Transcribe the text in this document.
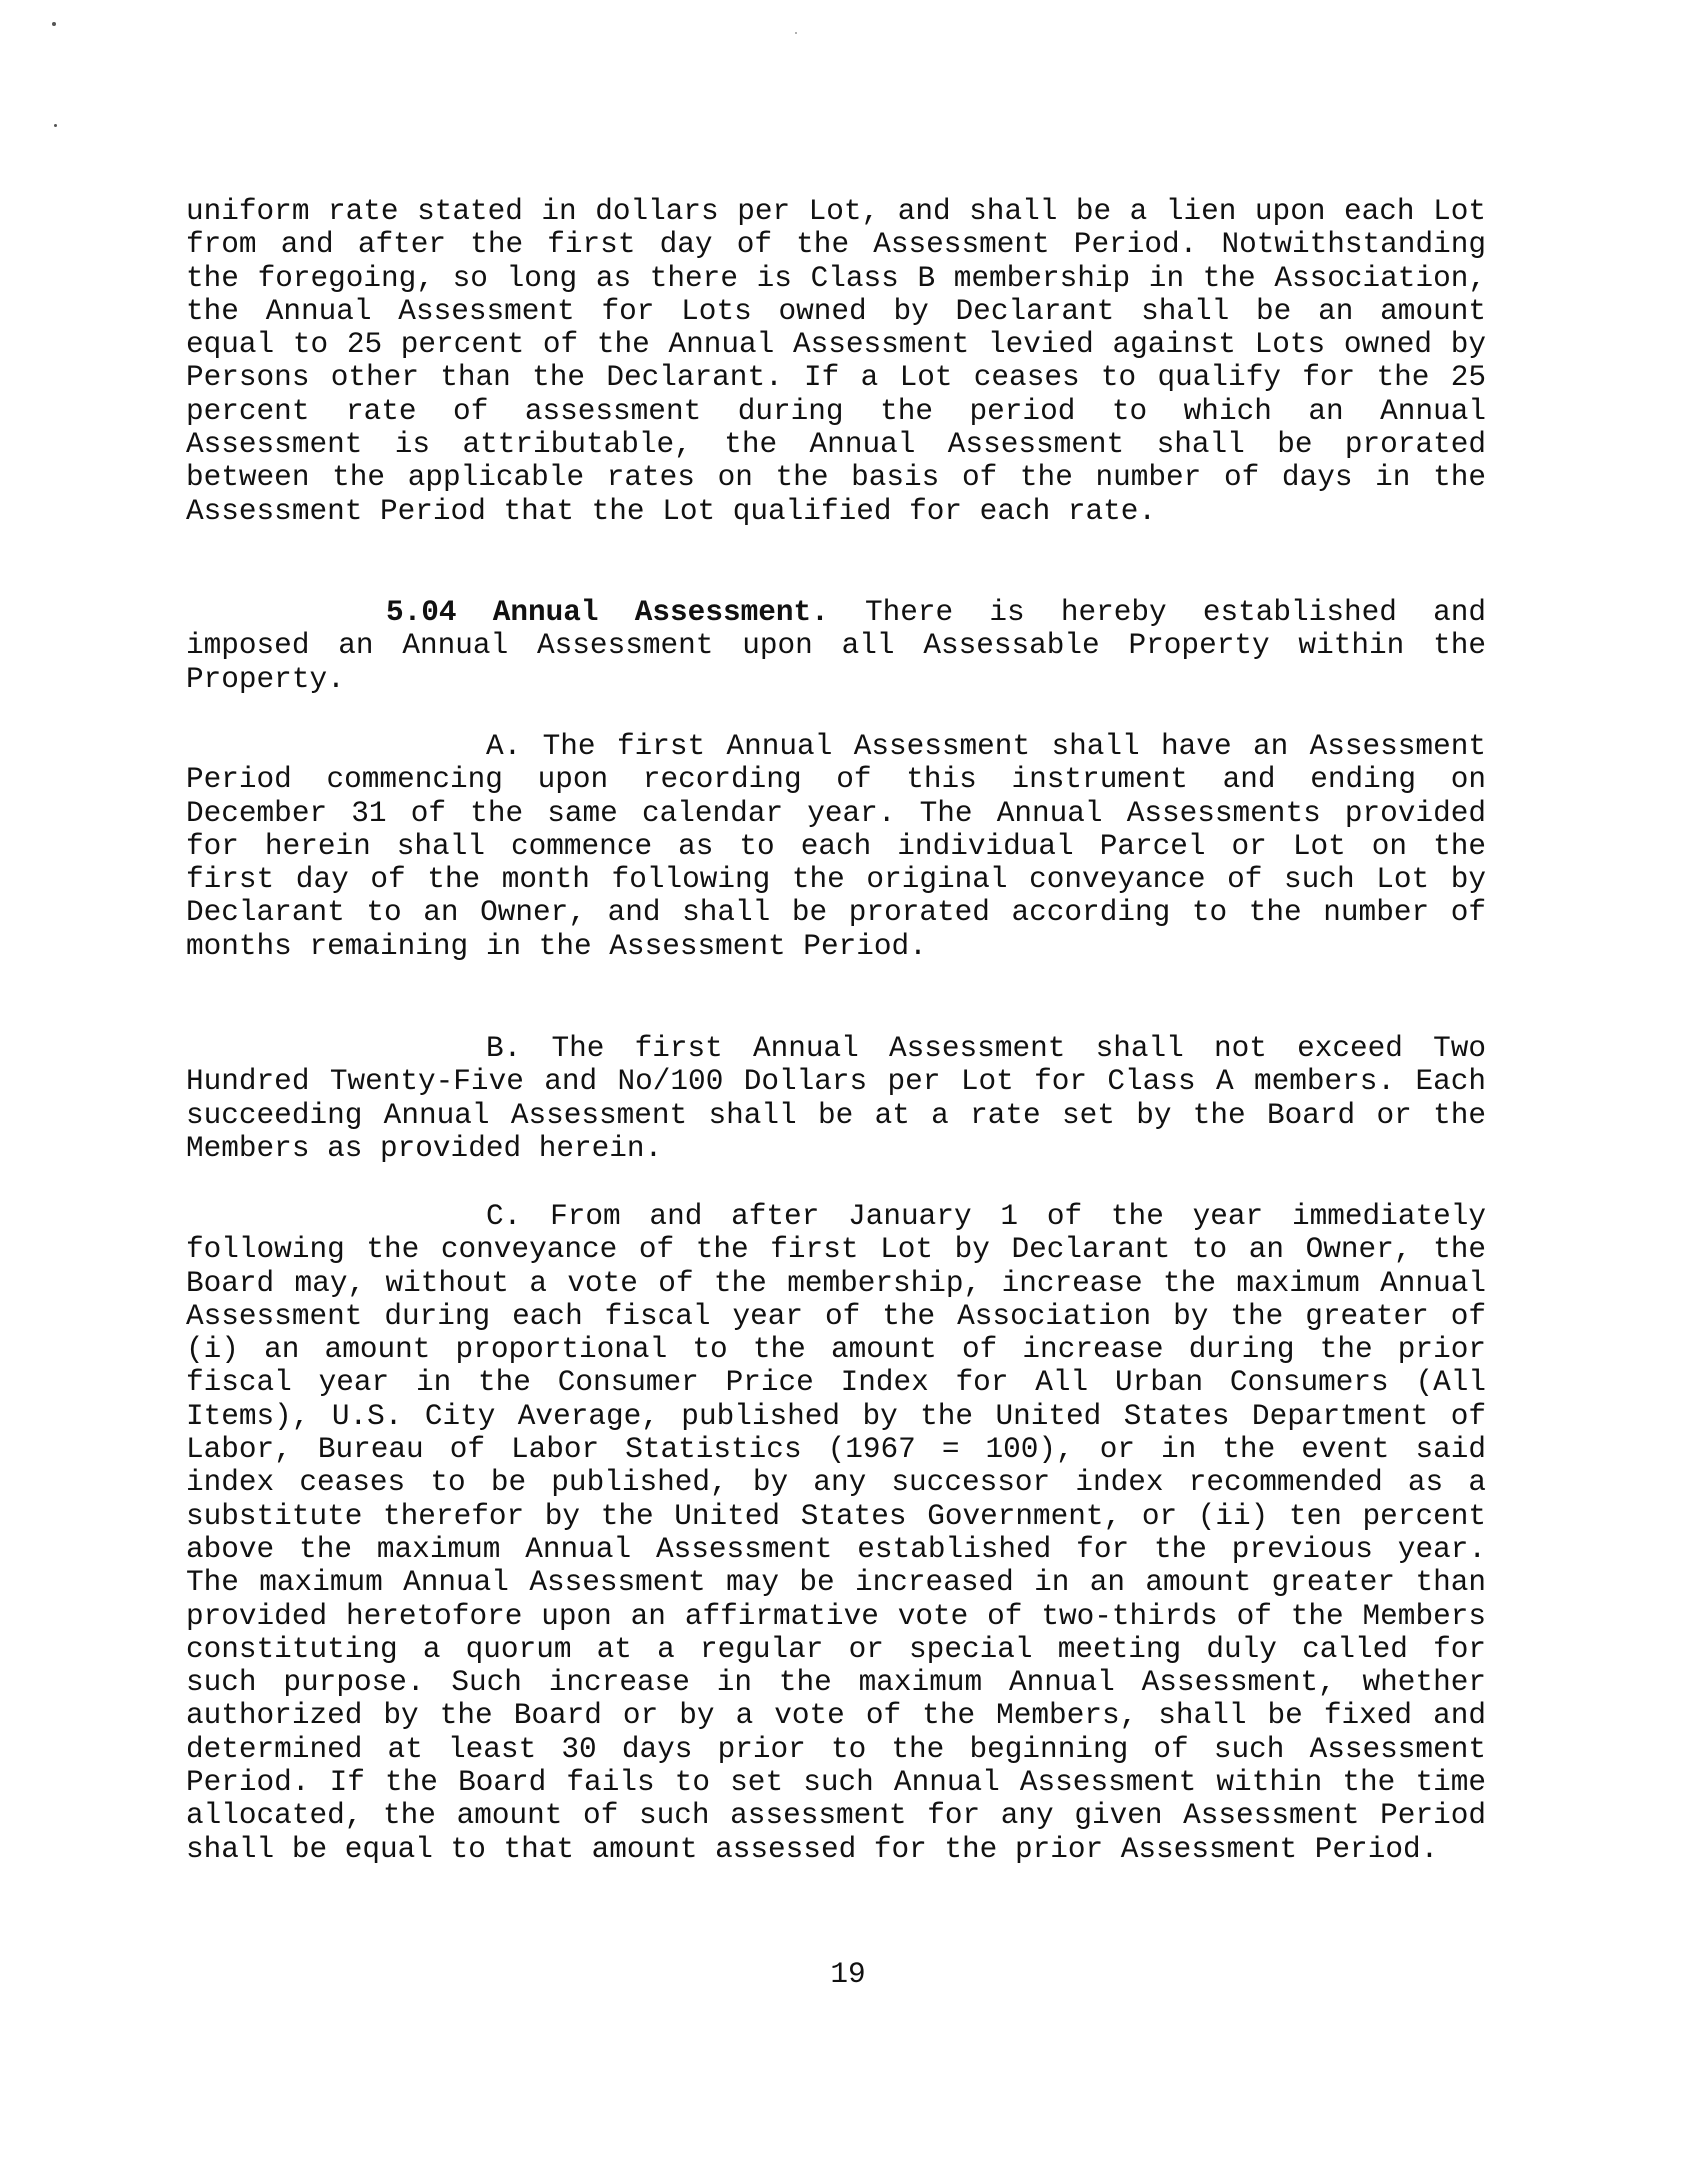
uniform rate stated in dollars per Lot, and shall be a lien upon each Lot from and after the first day of the Assessment Period. Notwithstanding the foregoing, so long as there is Class B membership in the Association, the Annual Assessment for Lots owned by Declarant shall be an amount equal to 25 percent of the Annual Assessment levied against Lots owned by Persons other than the Declarant. If a Lot ceases to qualify for the 25 percent rate of assessment during the period to which an Annual Assessment is attributable, the Annual Assessment shall be prorated between the applicable rates on the basis of the number of days in the Assessment Period that the Lot qualified for each rate.

5.04 Annual Assessment. There is hereby established and imposed an Annual Assessment upon all Assessable Property within the Property.

A. The first Annual Assessment shall have an Assessment Period commencing upon recording of this instrument and ending on December 31 of the same calendar year. The Annual Assessments provided for herein shall commence as to each individual Parcel or Lot on the first day of the month following the original conveyance of such Lot by Declarant to an Owner, and shall be prorated according to the number of months remaining in the Assessment Period.

B. The first Annual Assessment shall not exceed Two Hundred Twenty-Five and No/100 Dollars per Lot for Class A members. Each succeeding Annual Assessment shall be at a rate set by the Board or the Members as provided herein.

C. From and after January 1 of the year immediately following the conveyance of the first Lot by Declarant to an Owner, the Board may, without a vote of the membership, increase the maximum Annual Assessment during each fiscal year of the Association by the greater of (i) an amount proportional to the amount of increase during the prior fiscal year in the Consumer Price Index for All Urban Consumers (All Items), U.S. City Average, published by the United States Department of Labor, Bureau of Labor Statistics (1967 = 100), or in the event said index ceases to be published, by any successor index recommended as a substitute therefor by the United States Government, or (ii) ten percent above the maximum Annual Assessment established for the previous year. The maximum Annual Assessment may be increased in an amount greater than provided heretofore upon an affirmative vote of two-thirds of the Members constituting a quorum at a regular or special meeting duly called for such purpose. Such increase in the maximum Annual Assessment, whether authorized by the Board or by a vote of the Members, shall be fixed and determined at least 30 days prior to the beginning of such Assessment Period. If the Board fails to set such Annual Assessment within the time allocated, the amount of such assessment for any given Assessment Period shall be equal to that amount assessed for the prior Assessment Period.

19
